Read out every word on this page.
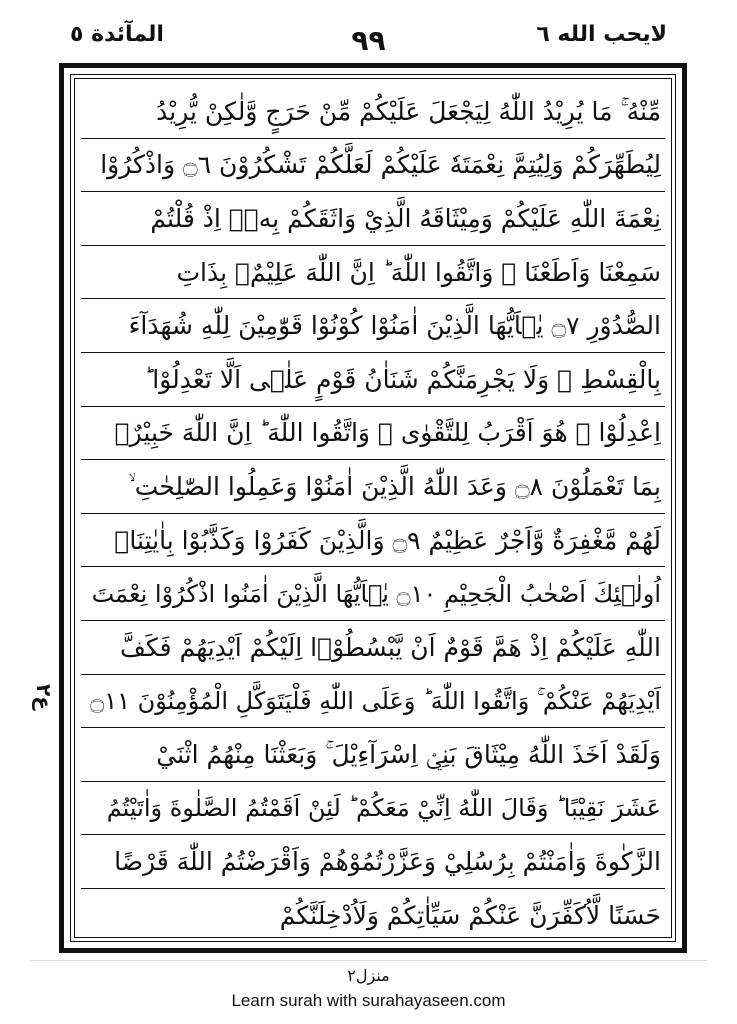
المآئدة ٥	٩٩	لايحب الله ٦
مِّنْهُ ۚ مَا يُرِيْدُ اللّٰهُ لِيَجْعَلَ عَلَيْكُمْ مِّنْ حَرَجٍ وَّلٰكِنْ يُّرِيْدُ
لِيُطَهِّرَكُمْ وَلِيُتِمَّ نِعْمَتَهٗ عَلَيْكُمْ لَعَلَّكُمْ تَشْكُرُوْنَ ۝٦ وَاذْكُرُوْا
نِعْمَةَ اللّٰهِ عَلَيْكُمْ وَمِيْثَاقَهُ الَّذِيْ وَاثَقَكُمْ بِهٖۙ اِذْ قُلْتُمْ
سَمِعْنَا وَاَطَعْنَا ۡ وَاتَّقُوا اللّٰهَ ؕ اِنَّ اللّٰهَ عَلِيْمٌۢ بِذَاتِ
الصُّدُوْرِ ۝٧ يٰۤاَيُّهَا الَّذِيْنَ اٰمَنُوْا كُوْنُوْا قَوّٰمِيْنَ لِلّٰهِ شُهَدَآءَ
بِالْقِسْطِ ۡ وَلَا يَجْرِمَنَّكُمْ شَنَاٰنُ قَوْمٍ عَلٰۤى اَلَّا تَعْدِلُوْا ؕ
اِعْدِلُوْا ۫ هُوَ اَقْرَبُ لِلتَّقْوٰى ۡ وَاتَّقُوا اللّٰهَ ؕ اِنَّ اللّٰهَ خَبِيْرٌۢ
بِمَا تَعْمَلُوْنَ ۝٨ وَعَدَ اللّٰهُ الَّذِيْنَ اٰمَنُوْا وَعَمِلُوا الصّٰلِحٰتِ ۙ
لَهُمْ مَّغْفِرَةٌ وَّاَجْرٌ عَظِيْمٌ ۝٩ وَالَّذِيْنَ كَفَرُوْا وَكَذَّبُوْا بِاٰيٰتِنَاۤ
اُولٰۤئِكَ اَصْحٰبُ الْجَحِيْمِ ۝١٠ يٰۤاَيُّهَا الَّذِيْنَ اٰمَنُوا اذْكُرُوْا نِعْمَتَ
اللّٰهِ عَلَيْكُمْ اِذْ هَمَّ قَوْمٌ اَنْ يَّبْسُطُوْۤا اِلَيْكُمْ اَيْدِيَهُمْ فَكَفَّ
اَيْدِيَهُمْ عَنْكُمْ ۚ وَاتَّقُوا اللّٰهَ ؕ وَعَلَى اللّٰهِ فَلْيَتَوَكَّلِ الْمُؤْمِنُوْنَ ۝١١
وَلَقَدْ اَخَذَ اللّٰهُ مِيْثَاقَ بَنِيْۤ اِسْرَآءِيْلَ ۚ وَبَعَثْنَا مِنْهُمُ اثْنَيْ
عَشَرَ نَقِيْبًا ؕ وَقَالَ اللّٰهُ اِنِّيْ مَعَكُمْ ؕ لَئِنْ اَقَمْتُمُ الصَّلٰوةَ وَاٰتَيْتُمُ
الزَّكٰوةَ وَاٰمَنْتُمْ بِرُسُلِيْ وَعَزَّرْتُمُوْهُمْ وَاَقْرَضْتُمُ اللّٰهَ قَرْضًا
حَسَنًا لَّاُكَفِّرَنَّ عَنْكُمْ سَيِّاٰتِكُمْ وَلَاُدْخِلَنَّكُمْ
ع٢
منزل٢
Learn surah with surahayaseen.com
